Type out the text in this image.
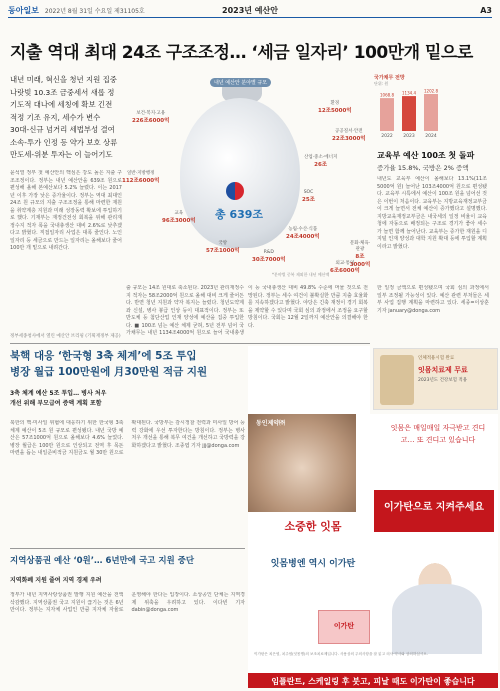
동아일보 2022년 8월 31일 수요일 제31105호	2023년 예산안	A3
지출 역대 최대 24조 구조조정… ‘세금 일자리’ 100만개 밑으로
내년 미래, 혁신을 청년 지원 집중
나랏빚 10.3조 금중세서 새롭 정기도적 대나에 세칭에 확보 긴전적정 기조 유지, 세수가 변수
30대-신규 넘거리 세법부성 결여 소속-투가 인정 등 약가 보호 상류 만도세-위분 투자는 이 늘어기도
내년 예산안 분야별 규모
총 639조
보건·복지·고용
226조6000억
일반·지방행정
112조6000억
교육
96조3000억
국방
57조1000억	R&D
30조7000억
농림·수산·식품
24조4000억
SOC
25조
산업·중소·에너지
26조
공공질서·안전
22조3000억
환경
12조5000억
문화·체육·관광
8조3000억
외교·통일
6조6000억
*분야별 중복 제외한 내년 예산액
국가채무 전망
단위: 원
2022
1068.8
2023
1134.4
2024
1202.8
교육부 예산 100조 첫 돌파
증가율 15.8%, 국방은 2% 증액
내년도 교육부 예산이 올해보다 13.1%(11조 5000억 원) 늘어난 103조4000억 원으로 편성됐다. 교육부 시특에서 예산이 100조 원을 넘어선 것은 이번이 처음이다. 교육부는 지방교육재정교부금이 크게 늘면서 전체 예산이 증가했다고 설명했다. 지방교육재정교부금은 내국세의 일정 비율이 교육청에 자동으로 배정되는 구조로 경기가 좋아 세수가 늘면 함께 늘어난다. 교육부는 증가한 재원을 디지털 인재 양성과 대학 지원 확대 등에 투입할 계획이라고 밝혔다.
윤석열 정부 첫 예산안의 핵심은 강도 높은 지출 구조조정이다. 정부는 내년 예산안을 639조 원으로 편성해 올해 본예산보다 5.2% 늘렸다. 이는 2017년 이후 가장 낮은 증가율이다. 정부는 역대 최대인 24조 원 규모의 지출 구조조정을 통해 마련한 재원을 취약계층 지원과 미래 성장동력 확보에 투입하기로 했다. 기재부는 재정건전성 회복을 위해 관리재정수지 적자 폭을 국내총생산 대비 2.6%로 낮추겠다고 밝혔다. 직접일자리 사업은 대폭 줄인다. 노인 일자리 등 세금으로 만드는 일자리는 올해보다 줄어 100만 개 밑으로 내려간다.
출 규모는 14조 원대로 축소된다. 2023년 관리재정수지 적자는 58조2000억 원으로 올해 대비 크게 줄어든다. 반면 청년 지원과 약자 복지는 늘렸다. 청년도약계좌 신설, 병사 봉급 인상 등이 대표적이다. 정부는 또 반도체 등 첨단산업 인재 양성에 예산을 집중 투입한다. ■ 100조 넘는 예산 체제 굳혀, 5년 전부 넘어 국가채무는 내년 1134조4000억 원으로 늘어 국내총생
이 등 국내총생산 대비 49.8% 수준에 머물 것으로 전망된다. 정부는 세수 여건이 불확실한 만큼 지출 효율화를 지속하겠다고 밝혔다. 야당은 긴축 재정이 경기 회복을 제약할 수 있다며 국회 심의 과정에서 조정을 요구할 방침이다. 국회는 12월 2일까지 예산안을 의결해야 한다.
한 일정 금액으로 편성됐으며 국회 심의 과정에서 일부 조정될 가능성이 있다. 예산 관련 부처들은 세부 사업 집행 계획을 마련하고 있다. 세종=이상훈 기자 january@donga.com
정부세종청사에서 열린 예산안 브리핑 (기획재정부 제공)
북핵 대응 ‘한국형 3축 체계’에 5조 투입
병장 월급 100만원에 月30만원 적금 지원
3축 체계 예산 5조 투입… 병사 처우개선 위해 부모급여 증액 계획 포함
북한의 핵·미사일 위협에 대응하기 위한 한국형 3축 체계 예산이 5조 원 규모로 편성됐다. 내년 국방 예산은 57조1000억 원으로 올해보다 4.6% 늘었다. 병장 월급은 100만 원으로 인상되고 전역 후 목돈 마련을 돕는 내일준비적금 지원금도 월 30만 원으로 확대된다. 국방부는 감시정찰 전력과 미사일 방어 능력 강화에 우선 투자한다는 방침이다. 정부는 병사 처우 개선을 통해 복무 여건을 개선하고 국방력을 강화하겠다고 밝혔다. 조종엽 기자 jjj@donga.com
지역상품권 예산 ‘0원’… 6년만에 국고 지원 중단
지역화폐 지원 줄여 지역 경제 우려
정부가 내년 지역사랑상품권 발행 지원 예산을 전액 삭감했다. 지역상품권 국고 지원이 끊기는 것은 6년 만이다. 정부는 지자체 사업인 만큼 지자체 자율로 운영해야 한다는 입장이다. 소상공인 단체는 지역경제 위축을 우려하고 있다. 이다빈 기자 dabin@donga.com
인체적용시험 완료
잇몸치료제 무료
2023년도 건강보험 적용
동인제약㈜
잇몸은 매일매일 자극받고 견디고… 또 견디고 있습니다
소중한 잇몸
이가탄으로 지켜주세요
잇몸병엔 역시 이가탄
이가탄
이가탄은 치은염, 치주염(잇몸병)의 보조치료제입니다. 사용상의 주의사항을 잘 읽고 의사·약사와 상의하십시오.
임플란트, 스케일링 후 붓고, 피날 때도 이가탄이 좋습니다
